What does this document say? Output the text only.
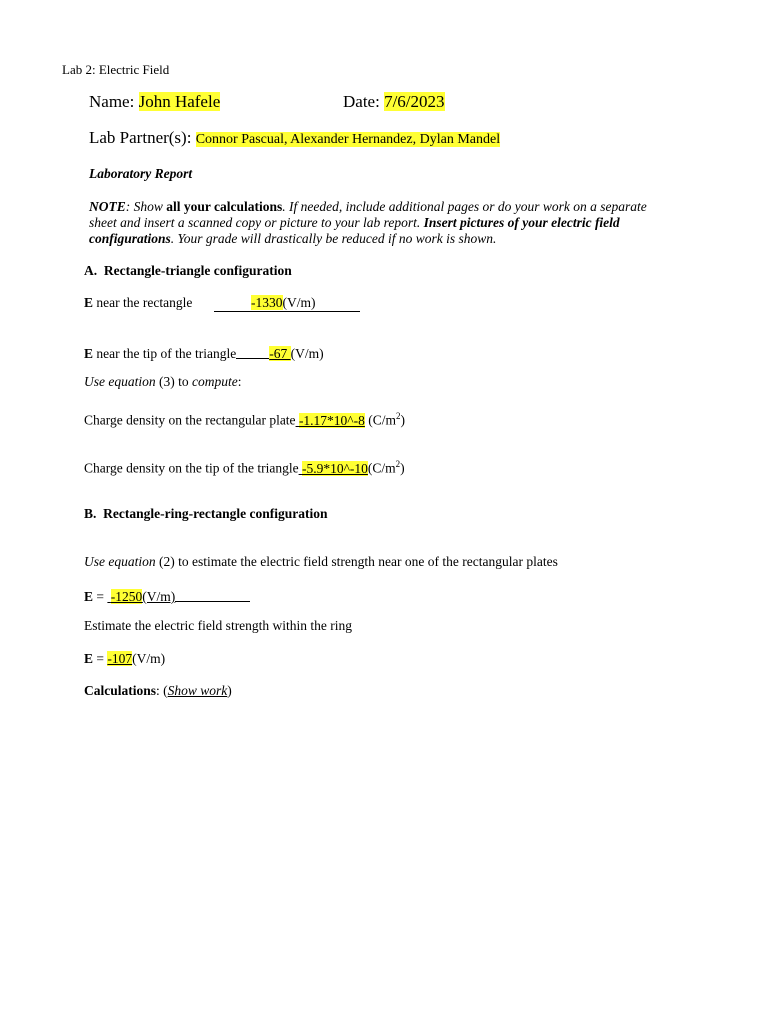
Lab 2: Electric Field
Name: John Hafele	Date: 7/6/2023
Lab Partner(s): Connor Pascual, Alexander Hernandez, Dylan Mandel
Laboratory Report
NOTE: Show all your calculations. If needed, include additional pages or do your work on a separate
sheet and insert a scanned copy or picture to your lab report. Insert pictures of your electric field
configurations. Your grade will drastically be reduced if no work is shown.
A.  Rectangle-triangle configuration
E near the rectangle	-1330(V/m)
E near the tip of the triangle -67 (V/m)
Use equation (3) to compute:
Charge density on the rectangular plate -1.17*10^-8 $(C/m^2)$
Charge density on the tip of the triangle $-5.9*10\^{}-10(C/m^2)$
B.  Rectangle-ring-rectangle configuration
Use equation (2) to estimate the electric field strength near one of the rectangular plates
E =  -1250(V/m)
Estimate the electric field strength within the ring
E = -107(V/m)
Calculations: (Show work)
